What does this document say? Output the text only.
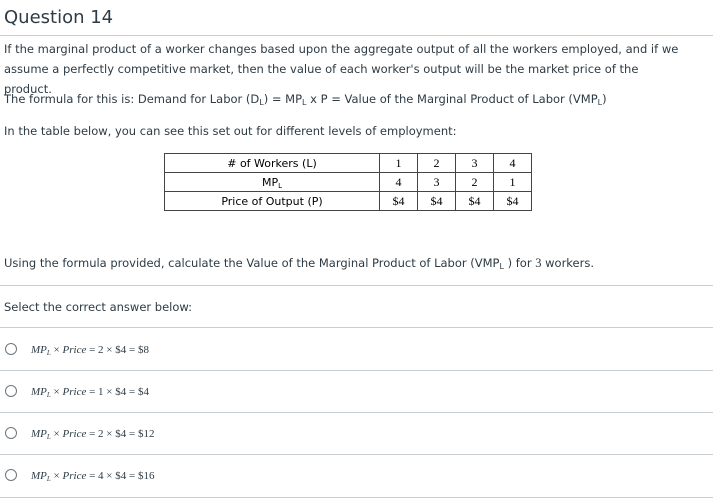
Question 14

If the marginal product of a worker changes based upon the aggregate output of all the workers employed, and if we assume a perfectly competitive market, then the value of each worker's output will be the market price of the product.

The formula for this is: Demand for Labor $(D_L) = MP_L$ x P = Value of the Marginal Product of Labor $(VMP_L)$

In the table below, you can see this set out for different levels of employment:

# of Workers (L)	1	2	3	4
$MP_L$	4	3	2	1
Price of Output (P)	$4	$4	$4	$4

Using the formula provided, calculate the Value of the Marginal Product of Labor ($VMP_L$ ) for 3 workers.

Select the correct answer below:

$MP_L$ × Price = 2 × $4 = $8
$MP_L$ × Price = 1 × $4 = $4
$MP_L$ × Price = 2 × $4 = $12
$MP_L$ × Price = 4 × $4 = $16
